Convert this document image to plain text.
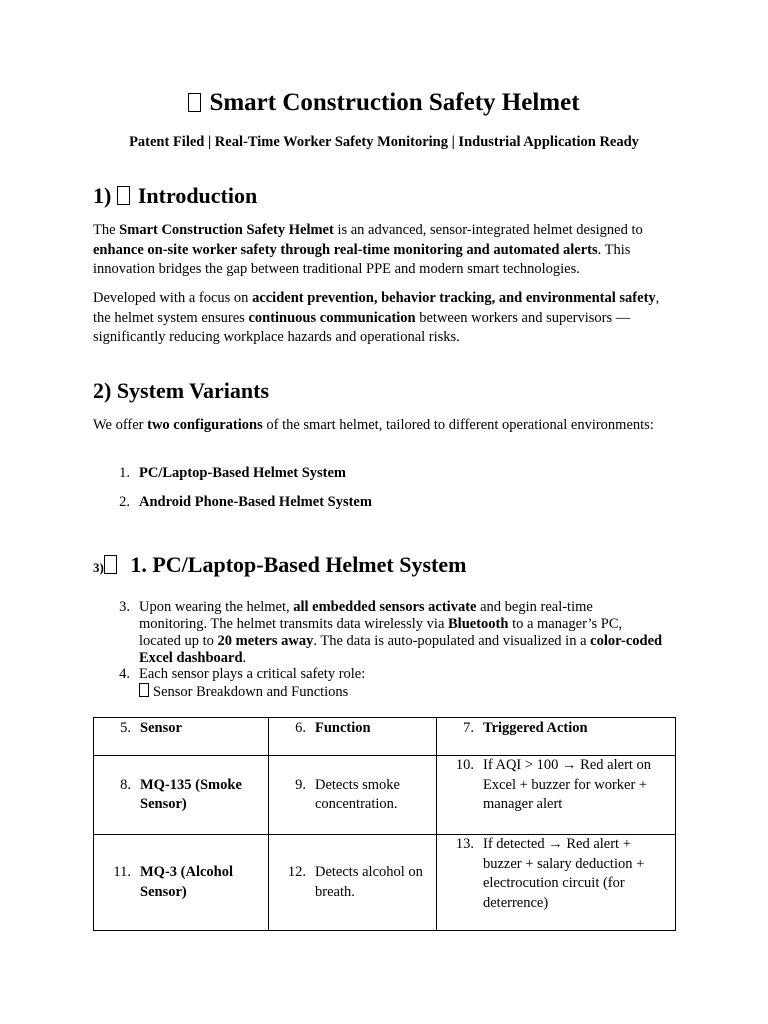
Smart Construction Safety Helmet
Patent Filed | Real-Time Worker Safety Monitoring | Industrial Application Ready
1) Introduction

The Smart Construction Safety Helmet is an advanced, sensor-integrated helmet designed to enhance on-site worker safety through real-time monitoring and automated alerts. This innovation bridges the gap between traditional PPE and modern smart technologies.

Developed with a focus on accident prevention, behavior tracking, and environmental safety, the helmet system ensures continuous communication between workers and supervisors — significantly reducing workplace hazards and operational risks.

2) System Variants

We offer two configurations of the smart helmet, tailored to different operational environments:

1. PC/Laptop-Based Helmet System
2. Android Phone-Based Helmet System
3) 1. PC/Laptop-Based Helmet System
3. Upon wearing the helmet, all embedded sensors activate and begin real-time monitoring. The helmet transmits data wirelessly via Bluetooth to a manager’s PC, located up to 20 meters away. The data is auto-populated and visualized in a color-coded Excel dashboard.
4. Each sensor plays a critical safety role:
Sensor Breakdown and Functions
5. Sensor	6. Function	7. Triggered Action

8. MQ-135 (Smoke Sensor)	9. Detects smoke concentration.	10. If AQI > 100 → Red alert on Excel + buzzer for worker + manager alert

11. MQ-3 (Alcohol Sensor)	12. Detects alcohol on breath.	13. If detected → Red alert + buzzer + salary deduction + electrocution circuit (for deterrence)
